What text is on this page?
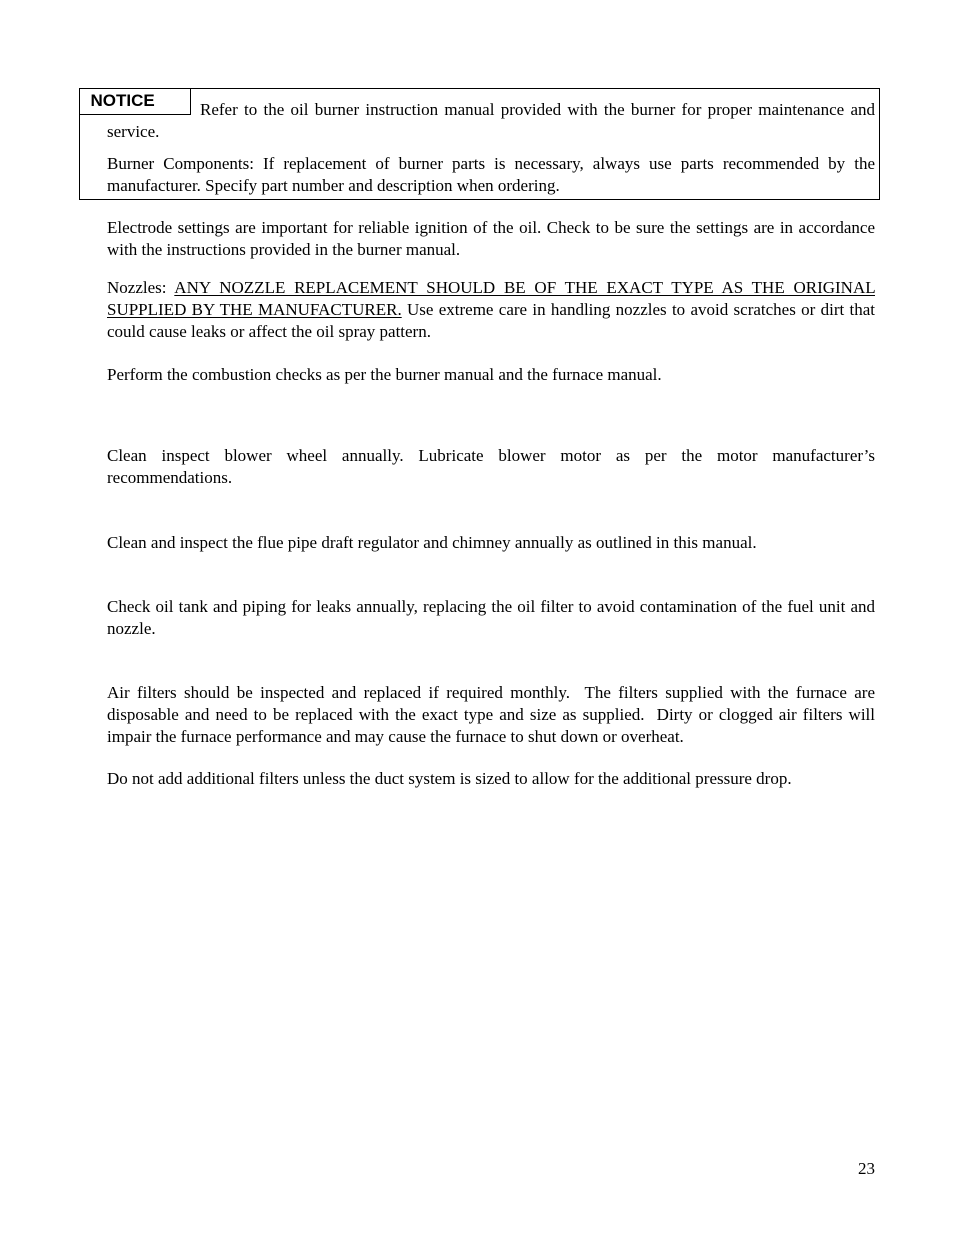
NOTICE	Refer to the oil burner instruction manual provided with the burner for proper maintenance and service.

Burner Components: If replacement of burner parts is necessary, always use parts recommended by the manufacturer. Specify part number and description when ordering.

Electrode settings are important for reliable ignition of the oil. Check to be sure the settings are in accordance with the instructions provided in the burner manual.

Nozzles: ANY NOZZLE REPLACEMENT SHOULD BE OF THE EXACT TYPE AS THE ORIGINAL SUPPLIED BY THE MANUFACTURER. Use extreme care in handling nozzles to avoid scratches or dirt that could cause leaks or affect the oil spray pattern.

Perform the combustion checks as per the burner manual and the furnace manual.

Clean inspect blower wheel annually. Lubricate blower motor as per the motor manufacturer’s recommendations.

Clean and inspect the flue pipe draft regulator and chimney annually as outlined in this manual.

Check oil tank and piping for leaks annually, replacing the oil filter to avoid contamination of the fuel unit and nozzle.

Air filters should be inspected and replaced if required monthly.  The filters supplied with the furnace are disposable and need to be replaced with the exact type and size as supplied.  Dirty or clogged air filters will impair the furnace performance and may cause the furnace to shut down or overheat.

Do not add additional filters unless the duct system is sized to allow for the additional pressure drop.

23
